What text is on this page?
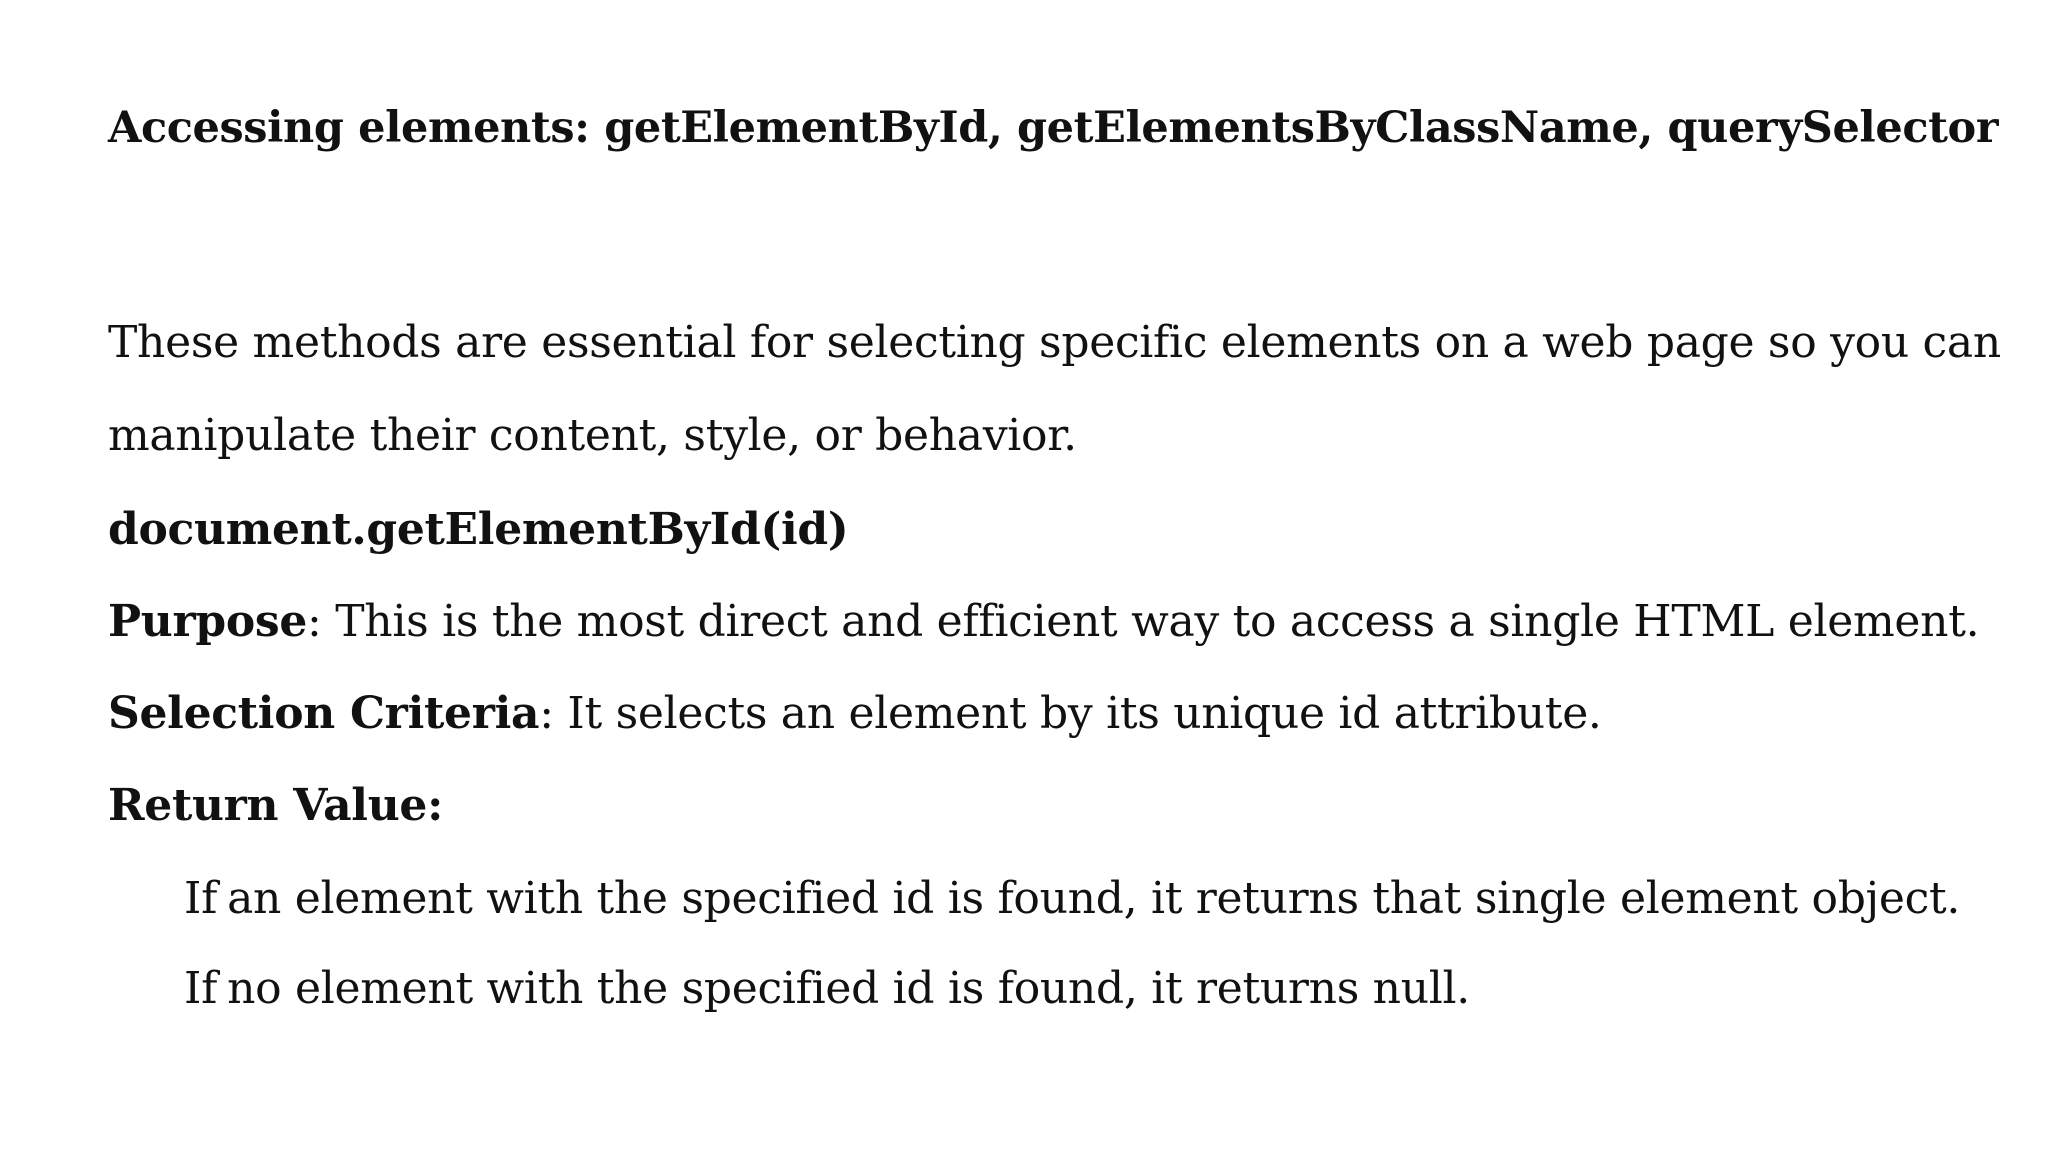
Accessing elements: getElementById, getElementsByClassName, querySelector
These methods are essential for selecting specific elements on a web page so you can
manipulate their content, style, or behavior.
document.getElementById(id)
Purpose: This is the most direct and efficient way to access a single HTML element.
Selection Criteria: It selects an element by its unique id attribute.
Return Value:
If an element with the specified id is found, it returns that single element object.
If no element with the specified id is found, it returns null.
